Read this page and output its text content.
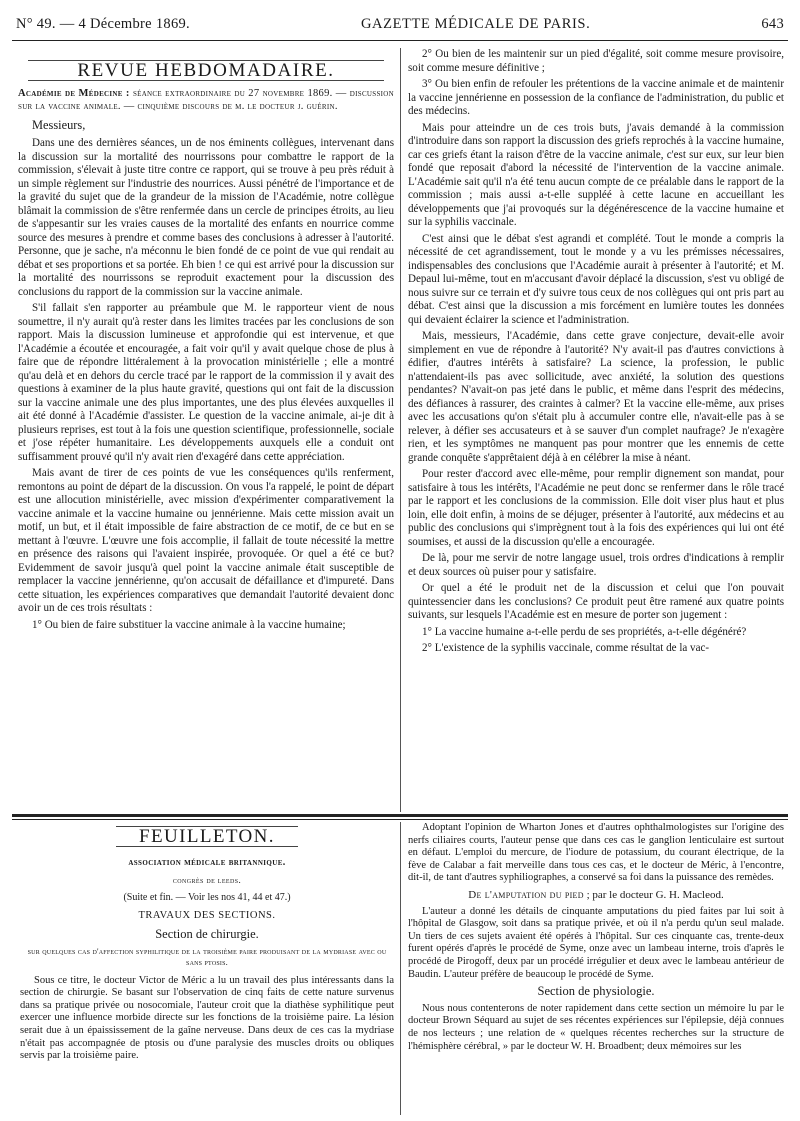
N° 49. — 4 Décembre 1869.	GAZETTE MÉDICALE DE PARIS.	643
REVUE HEBDOMADAIRE.
Académie de Médecine : séance extraordinaire du 27 novembre 1869. — discussion sur la vaccine animale. — cinquième discours de m. le docteur j. guérin.

Messieurs,

Dans une des dernières séances, un de nos éminents collègues, intervenant dans la discussion sur la mortalité des nourrissons pour combattre le rapport de la commission, s'élevait à juste titre contre ce rapport, qui se trouve à peu près réduit à un simple règlement sur l'industrie des nourrices. Aussi pénétré de l'importance et de la gravité du sujet que de la grandeur de la mission de l'Académie, notre collègue blâmait la commission de s'être renfermée dans un cercle de principes étroits, au lieu de s'appesantir sur les vraies causes de la mortalité des enfants en nourrice comme source des mesures à prendre et comme bases des conclusions à adresser à l'autorité. Personne, que je sache, n'a méconnu le bien fondé de ce point de vue qui rendait au débat et ses proportions et sa portée. Eh bien ! ce qui est arrivé pour la discussion sur la mortalité des nourrissons se reproduit exactement pour la discussion des conclusions du rapport de la commission sur la vaccine animale.

S'il fallait s'en rapporter au préambule que M. le rapporteur vient de nous soumettre, il n'y aurait qu'à rester dans les limites tracées par les conclusions de son rapport. Mais la discussion lumineuse et approfondie qui est intervenue, et que l'Académie a écoutée et encouragée, a fait voir qu'il y avait quelque chose de plus à faire que de répondre littéralement à la provocation ministérielle ; elle a montré qu'au delà et en dehors du cercle tracé par le rapport de la commission il y avait des questions à examiner de la plus haute gravité, questions qui ont fait de la discussion sur la vaccine animale une des plus importantes, une des plus élevées auxquelles il ait été donné à l'Académie d'assister. Le question de la vaccine animale, ai-je dit à plusieurs reprises, est tout à la fois une question scientifique, professionnelle, sociale et j'ose répéter humanitaire. Les développements auxquels elle a conduit ont suffisamment prouvé qu'il n'y avait rien d'exagéré dans cette appréciation.

Mais avant de tirer de ces points de vue les conséquences qu'ils renferment, remontons au point de départ de la discussion. On vous l'a rappelé, le point de départ est une allocution ministérielle, avec mission d'expérimenter comparativement la vaccine animale et la vaccine humaine ou jennérienne. Mais cette mission avait un motif, un but, et il était impossible de faire abstraction de ce motif, de ce but en se mettant à l'œuvre. L'œuvre une fois accomplie, il fallait de toute nécessité la mettre en présence des raisons qui l'avaient inspirée, provoquée. Or quel a été ce but? Evidemment de savoir jusqu'à quel point la vaccine animale était susceptible de remplacer la vaccine jennérienne, qu'on accusait de défaillance et d'impureté. Dans cette situation, les expériences comparatives que demandait l'autorité devaient donc avoir un de ces trois résultats :

1° Ou bien de faire substituer la vaccine animale à la vaccine humaine;

2° Ou bien de les maintenir sur un pied d'égalité, soit comme mesure provisoire, soit comme mesure définitive ;

3° Ou bien enfin de refouler les prétentions de la vaccine animale et de maintenir la vaccine jennérienne en possession de la confiance de l'administration, du public et des médecins.

Mais pour atteindre un de ces trois buts, j'avais demandé à la commission d'introduire dans son rapport la discussion des griefs reprochés à la vaccine humaine, car ces griefs étant la raison d'être de la vaccine animale, c'est sur eux, sur leur bien fondé que reposait d'abord la nécessité de l'intervention de la vaccine animale. L'Académie sait qu'il n'a été tenu aucun compte de ce préalable dans le rapport de la commission ; mais aussi a-t-elle suppléé à cette lacune en accueillant les développements que j'ai provoqués sur la dégénérescence de la vaccine humaine et sur la syphilis vaccinale.

C'est ainsi que le débat s'est agrandi et complété. Tout le monde a compris la nécessité de cet agrandissement, tout le monde y a vu les prémisses nécessaires, indispensables des conclusions que l'Académie aurait à présenter à l'autorité; et M. Depaul lui-même, tout en m'accusant d'avoir déplacé la discussion, s'est vu obligé de nous suivre sur ce terrain et d'y suivre tous ceux de nos collègues qui ont pris part au débat. C'est ainsi que la discussion a mis forcément en lumière toutes les données qui devaient éclairer la science et l'administration.

Mais, messieurs, l'Académie, dans cette grave conjecture, devait-elle avoir simplement en vue de répondre à l'autorité? N'y avait-il pas d'autres convictions à édifier, d'autres intérêts à satisfaire? La science, la profession, le public n'attendaient-ils pas avec sollicitude, avec anxiété, la solution des questions pendantes? N'avait-on pas jeté dans le public, et même dans l'esprit des médecins, des défiances à rassurer, des craintes à calmer? Et la vaccine elle-même, aux prises avec les accusations qu'on s'était plu à accumuler contre elle, n'avait-elle pas à se relever, à défier ses accusateurs et à se sauver d'un complet naufrage? Je n'exagère rien, et les symptômes ne manquent pas pour montrer que les ennemis de cette grande conquête s'apprêtaient déjà à en célébrer la mise à néant.

Pour rester d'accord avec elle-même, pour remplir dignement son mandat, pour satisfaire à tous les intérêts, l'Académie ne peut donc se renfermer dans le rôle tracé par le rapport et les conclusions de la commission. Elle doit viser plus haut et plus loin, elle doit enfin, à moins de se déjuger, présenter à l'autorité, aux médecins et au public des conclusions qui s'imprègnent tout à la fois des expériences qui lui ont été soumises, et aussi de la discussion qu'elle a encouragée.

De là, pour me servir de notre langage usuel, trois ordres d'indications à remplir et deux sources où puiser pour y satisfaire.

Or quel a été le produit net de la discussion et celui que l'on pouvait quintessencier dans les conclusions? Ce produit peut être ramené aux quatre points suivants, sur lesquels l'Académie est en mesure de porter son jugement :

1° La vaccine humaine a-t-elle perdu de ses propriétés, a-t-elle dégénéré?

2° L'existence de la syphilis vaccinale, comme résultat de la vac-

FEUILLETON.
association médicale britannique.
congrès de leeds.
(Suite et fin. — Voir les nos 41, 44 et 47.)
TRAVAUX DES SECTIONS.
Section de chirurgie.
sur quelques cas d'affection syphilitique de la troisième paire produisant de la mydriase avec ou sans ptosis.

Sous ce titre, le docteur Victor de Méric a lu un travail des plus intéressants dans la section de chirurgie. Se basant sur l'observation de cinq faits de cette nature survenus dans sa pratique privée ou nosocomiale, l'auteur croit que la diathèse syphilitique peut exercer une influence morbide directe sur les fonctions de la troisième paire. La lésion serait due à un épaississement de la gaîne nerveuse. Dans deux de ces cas la mydriase n'était pas accompagnée de ptosis ou d'une paralysie des muscles droits ou obliques servis par la troisième paire.

Adoptant l'opinion de Wharton Jones et d'autres ophthalmologistes sur l'origine des nerfs ciliaires courts, l'auteur pense que dans ces cas le ganglion lenticulaire est surtout en défaut. L'emploi du mercure, de l'iodure de potassium, du courant électrique, de la fève de Calabar a fait merveille dans tous ces cas, et le docteur de Méric, à l'encontre, dit-il, de tant d'autres syphiliographes, a conservé sa foi dans la puissance des remèdes.

De l'amputation du pied ; par le docteur G. H. Macleod.

L'auteur a donné les détails de cinquante amputations du pied faites par lui soit à l'hôpital de Glasgow, soit dans sa pratique privée, et où il n'a perdu qu'un seul malade. Un tiers de ces sujets avaient été opérés à l'hôpital. Sur ces cinquante cas, trente-deux furent opérés d'après le procédé de Syme, onze avec un lambeau interne, trois d'après le procédé de Pirogoff, deux par un procédé irrégulier et deux avec le lambeau antérieur de Baudin. L'auteur préfère de beaucoup le procédé de Syme.

Section de physiologie.

Nous nous contenterons de noter rapidement dans cette section un mémoire lu par le docteur Brown Séquard au sujet de ses récentes expériences sur l'épilepsie, déjà connues de nos lecteurs ; une relation de « quelques récentes recherches sur la structure de l'hémisphère cérébral, » par le docteur W. H. Broadbent; deux mémoires sur les
